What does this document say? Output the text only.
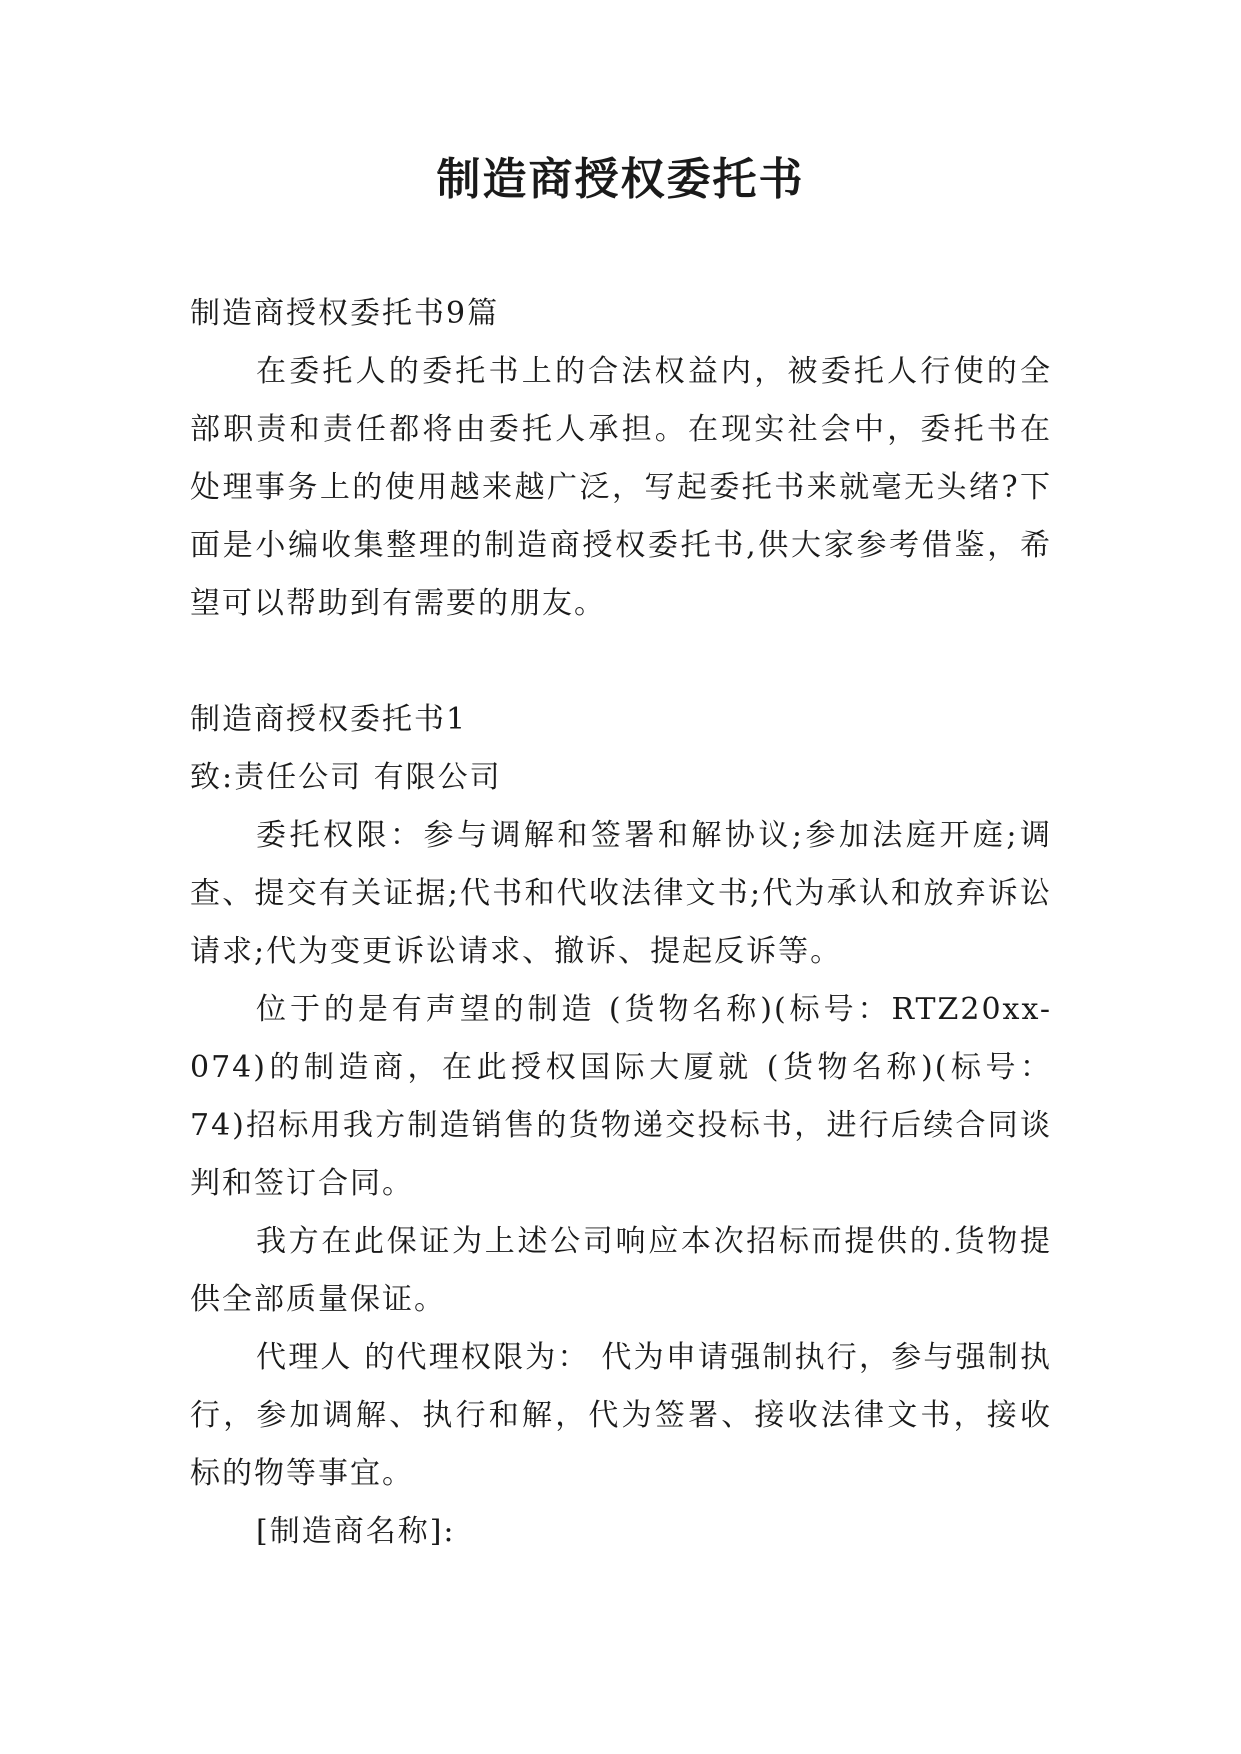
制造商授权委托书

制造商授权委托书9篇

在委托人的委托书上的合法权益内，被委托人行使的全部职责和责任都将由委托人承担。在现实社会中，委托书在处理事务上的使用越来越广泛，写起委托书来就毫无头绪?下面是小编收集整理的制造商授权委托书,供大家参考借鉴，希望可以帮助到有需要的朋友。

制造商授权委托书1

致:责任公司 有限公司

委托权限：参与调解和签署和解协议;参加法庭开庭;调查、提交有关证据;代书和代收法律文书;代为承认和放弃诉讼请求;代为变更诉讼请求、撤诉、提起反诉等。

位于的是有声望的制造 (货物名称)(标号：RTZ20xx-074)的制造商，在此授权国际大厦就 (货物名称)(标号： 74)招标用我方制造销售的货物递交投标书，进行后续合同谈判和签订合同。

我方在此保证为上述公司响应本次招标而提供的.货物提供全部质量保证。

代理人 的代理权限为： 代为申请强制执行，参与强制执行，参加调解、执行和解，代为签署、接收法律文书，接收标的物等事宜。

[制造商名称]:
